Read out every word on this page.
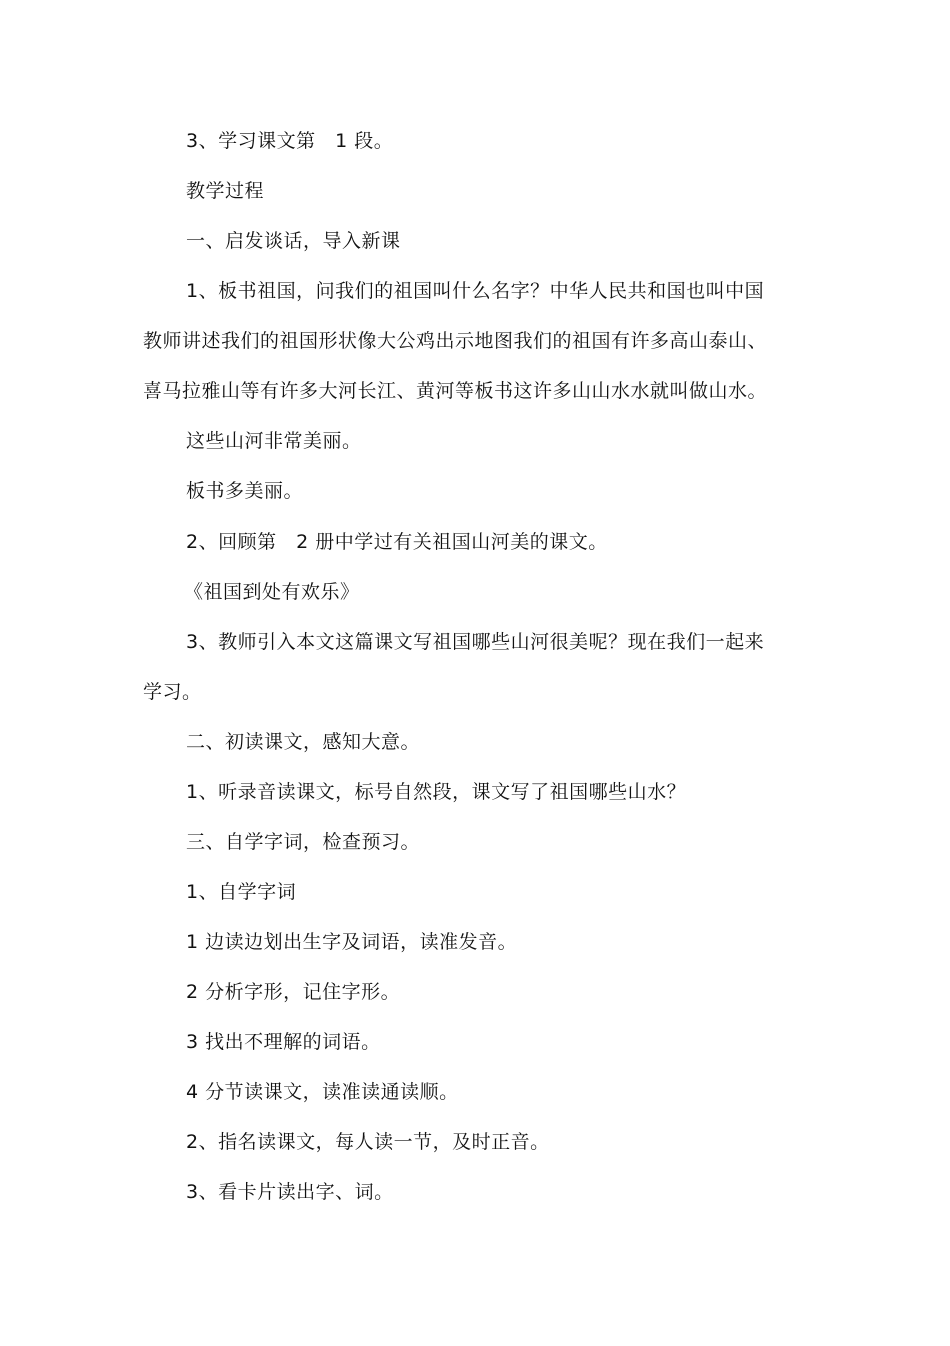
3、学习课文第　1 段。
教学过程
一、启发谈话，导入新课
1、板书祖国，问我们的祖国叫什么名字？中华人民共和国也叫中国
教师讲述我们的祖国形状像大公鸡出示地图我们的祖国有许多高山泰山、
喜马拉雅山等有许多大河长江、黄河等板书这许多山山水水就叫做山水。
这些山河非常美丽。
板书多美丽。
2、回顾第　2 册中学过有关祖国山河美的课文。
《祖国到处有欢乐》
3、教师引入本文这篇课文写祖国哪些山河很美呢？现在我们一起来
学习。
二、初读课文，感知大意。
1、听录音读课文，标号自然段，课文写了祖国哪些山水？
三、自学字词，检查预习。
1、自学字词
1 边读边划出生字及词语，读准发音。
2 分析字形，记住字形。
3 找出不理解的词语。
4 分节读课文，读准读通读顺。
2、指名读课文，每人读一节，及时正音。
3、看卡片读出字、词。
